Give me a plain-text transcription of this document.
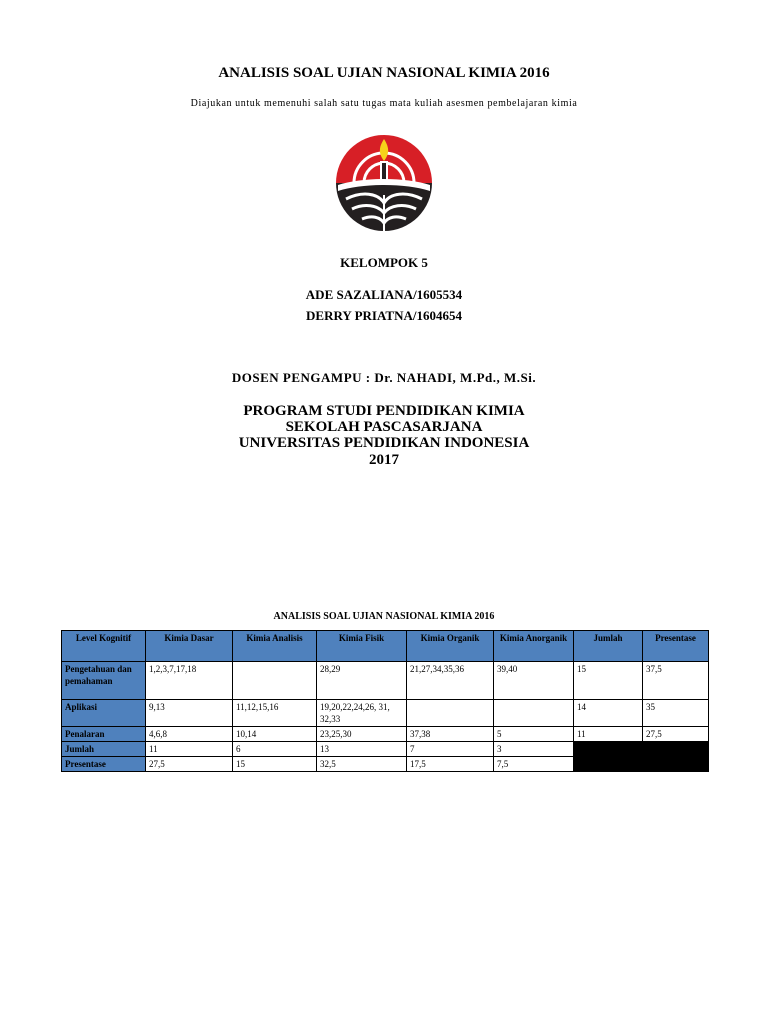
ANALISIS SOAL UJIAN NASIONAL KIMIA 2016
Diajukan untuk memenuhi salah satu tugas mata kuliah asesmen pembelajaran kimia
KELOMPOK 5
ADE SAZALIANA/1605534
DERRY PRIATNA/1604654
DOSEN PENGAMPU : Dr. NAHADI, M.Pd., M.Si.
PROGRAM STUDI PENDIDIKAN KIMIA
SEKOLAH PASCASARJANA
UNIVERSITAS PENDIDIKAN INDONESIA
2017
ANALISIS SOAL UJIAN NASIONAL KIMIA 2016
Level Kognitif	Kimia Dasar	Kimia Analisis	Kimia Fisik	Kimia Organik	Kimia Anorganik	Jumlah	Presentase
Pengetahuan dan pemahaman	1,2,3,7,17,18		28,29	21,27,34,35,36	39,40	15	37,5
Aplikasi	9,13	11,12,15,16	19,20,22,24,26, 31, 32,33			14	35
Penalaran	4,6,8	10,14	23,25,30	37,38	5	11	27,5
Jumlah	11	6	13	7	3		
Presentase	27,5	15	32,5	17,5	7,5		
